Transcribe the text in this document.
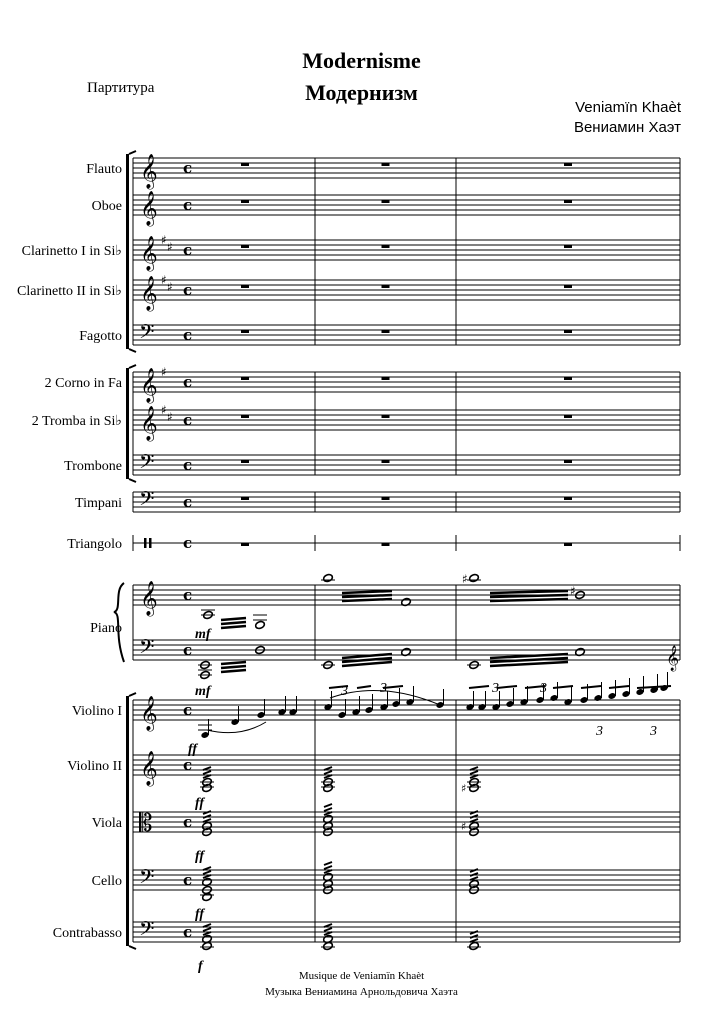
Modernisme
Модернизм
Партитура
Veniamïn Khaèt
Вениамин Хаэт
Flauto 𝄞 c
Oboe 𝄞 c
Clarinetto I in Si♭ 𝄞 ♯ ♯ c
Clarinetto II in Si♭ 𝄞 ♯ ♯ c
Fagotto 𝄢 c
2 Corno in Fa 𝄞 ♯
c
2 Tromba in Si♭ 𝄞 ♯ ♯ c
Trombone 𝄢 c
Timpani 𝄢 c
Triangolo	c
Piano
𝄞 c
𝄢 c
Violino I 𝄞 c
Violino II 𝄞 c
Viola 𝄡 c
Cello 𝄢 c
Contrabasso 𝄢 c
♯
♯
𝄞
3 3	3	3
3	3
♯
♯
mf
mf
ff
ff
ff
ff
f
Musique de Veniamïn Khaèt
Музыка Вениамина Арнольдовича Хаэта
